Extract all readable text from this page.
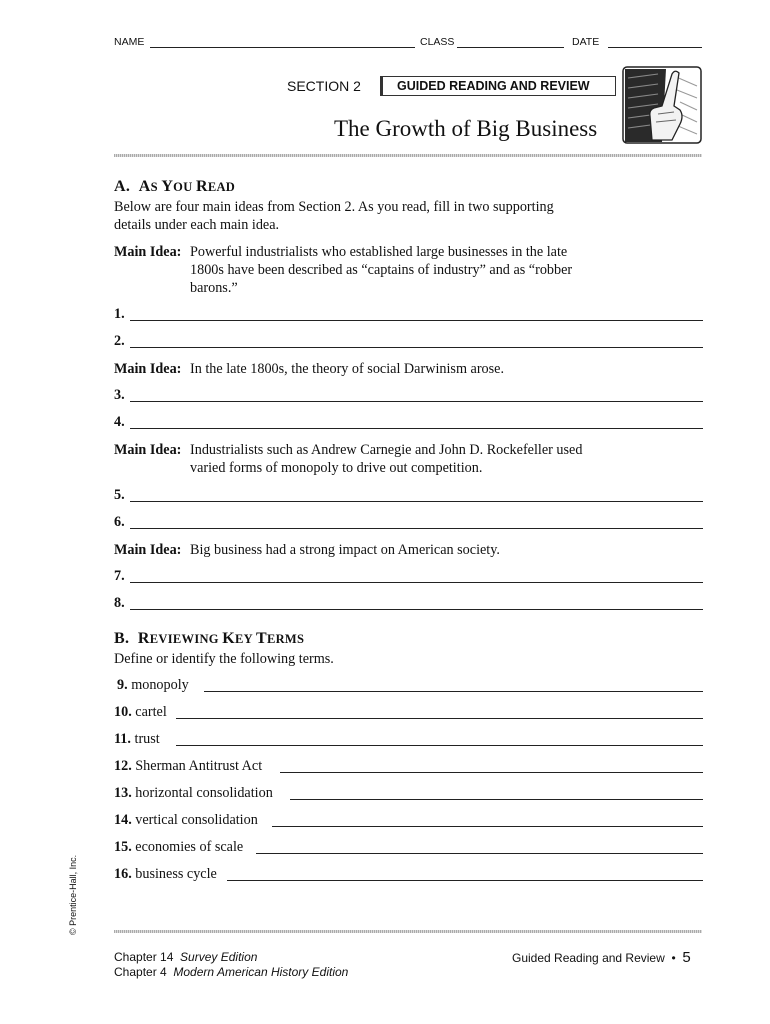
NAME	CLASS	DATE
SECTION 2	GUIDED READING AND REVIEW
The Growth of Big Business
A. AS YOU READ
Below are four main ideas from Section 2. As you read, fill in two supporting
details under each main idea.
Main Idea: Powerful industrialists who established large businesses in the late
1800s have been described as “captains of industry” and as “robber
barons.”
1.
2.
Main Idea: In the late 1800s, the theory of social Darwinism arose.
3.
4.
Main Idea: Industrialists such as Andrew Carnegie and John D. Rockefeller used
varied forms of monopoly to drive out competition.
5.
6.
Main Idea: Big business had a strong impact on American society.
7.
8.
B. REVIEWING KEY TERMS
Define or identify the following terms.
9. monopoly
10. cartel
11. trust
12. Sherman Antitrust Act
13. horizontal consolidation
14. vertical consolidation
15. economies of scale
16. business cycle
© Prentice-Hall, Inc.
Chapter 14 Survey Edition
Chapter 4 Modern American History Edition
Guided Reading and Review • 5
